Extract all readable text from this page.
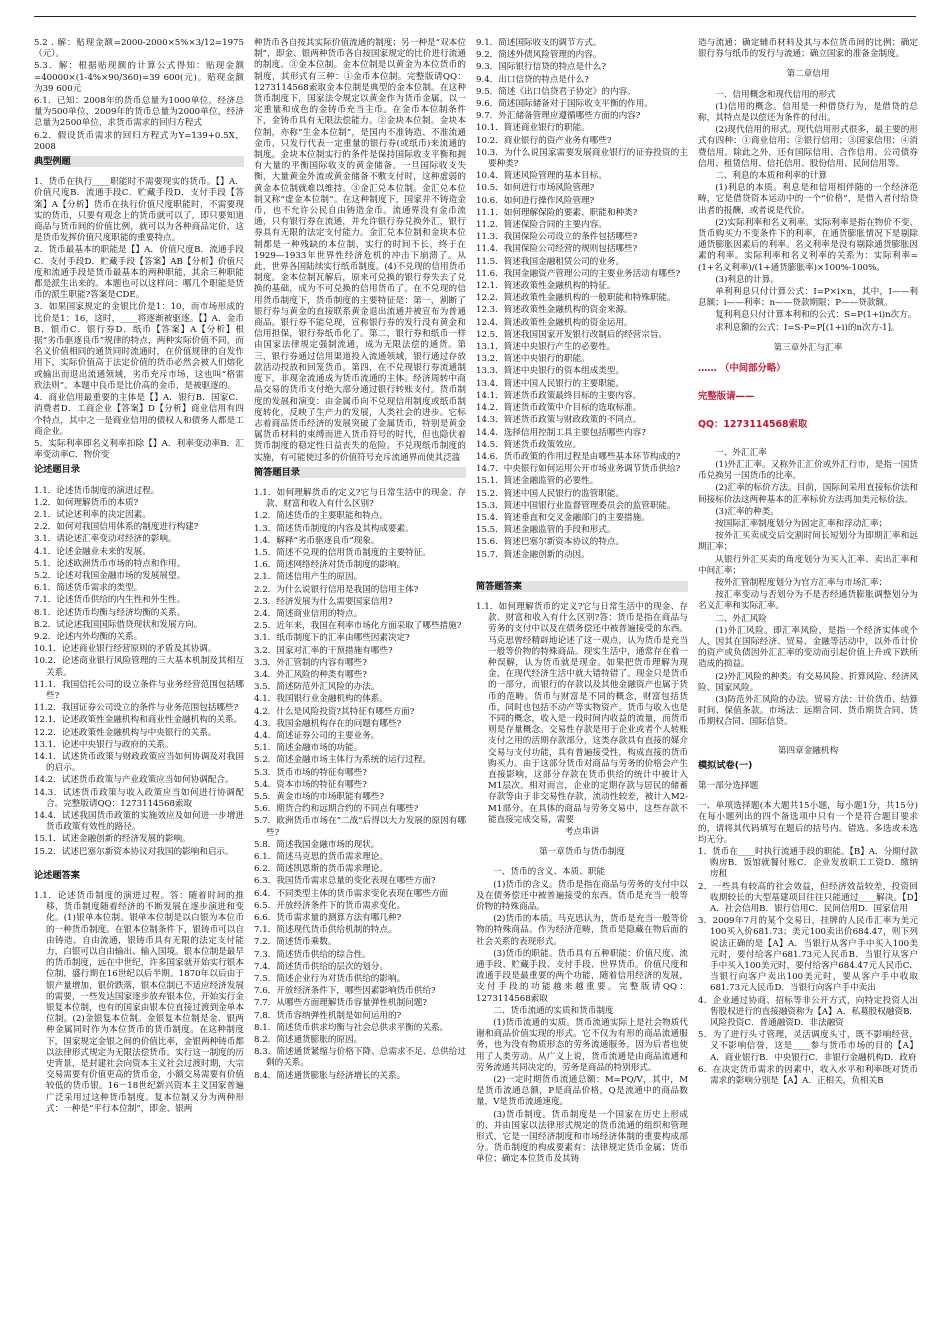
5.2 . 解：贴现金额=2000-2000×5%×3/12=1975（元）。

5.3．解：根据贴现额的计算公式得知：贴现金额=40000×(1-4%×90/360)=39 600(元)。贴现金额为39 600元

6.1．已知：2008年的货币总量为1000单位，经济总量为500单位，2009年的货币总量为2000单位，经济总量为2500单位，求货币需求的回归方程式

6.2．假设货币需求的回归方程式为Y=139+0.5X，2008

典型例题

1．货币在执行____职能时不需要现实的货币。【】A．价值尺度B．流通手段C．贮藏手段D．支付手段【答案】A【分析】货币在执行价值尺度职能时，不需要现实的货币，只要有观念上的货币就可以了，即只要知道商品与货币间的价值比例，就可以为各种商品定价，这是货币发挥价值尺度职能的重要特点。

2．货币最基本的职能是【】A．价值尺度B．流通手段C．支付手段D．贮藏手段【答案】AB【分析】价值尺度和流通手段是货币最基本的两种职能，其余三种职能都是派生出来的。本题也可以这样问：哪几个职能是货币的派生职能?答案是CDE。

3．如果国家规定的金银比价是1：10，而市场形成的比价是1：16，这时，____将逐渐被驱逐。【】A．金币B．银币C．银行券D．纸币【答案】A【分析】根据“劣币驱逐良币”规律的特点，两种实际价值不同，而名义价值相同的通货同时流通时，在价值规律的自发作用下，实际价值高于法定价值的货币必然会被人们熔化或输出而退出流通领域，劣币充斥市场，这也叫“格雷欣法则”。本题中良币是比价高的金币，是被驱逐的。

4．商业信用最重要的主体是【】A．银行B．国家C．消费者D．工商企业【答案】D【分析】商业信用有四个特点，其中之一是商业信用的债权人和债务人都是工商企业。

5．实际利率即名义利率扣除【】A．利率变动率B．汇率变动率C．物价变

论述题目录

1.1．论述货币制度的演进过程。

1.2．如何理解货币的本质?

2.1．试论述利率的决定因素。

2.2．如何对我国信用体系的制度进行构建?

3.1．请论述汇率变动对经济的影响。

4.1．论述金融业未来的发展。

5.1．论述欧洲货币市场的特点和作用。

5.2．论述对我国金融市场的发展展望。

6.1．简述货币需求的类型。

7.1．论述货币供给的内生性和外生性。

8.1．论述货币均衡与经济均衡的关系。

8.2．试论述我国国际借贷现状和发展方向。

9.2．论述内外均衡的关系。

10.1．论述商业银行经营原则的矛盾及其协调。

10.2．论述商业银行风险管理的三大基本机制及其相互关系。

11.1．我国信托公司的设立条件与业务经营范围包括哪些?

11.2．我国证券公司设立的条件与业务范围包括哪些?

12.1．论述政策性金融机构和商业性金融机构的关系。

12.2．论述政策性金融机构与中央银行的关系。

13.1．论述中央银行与政府的关系。

14.1．试述货币政策与财政政策应当如何协调及对我国的启示。

14.2．试述货币政策与产业政策应当如何协调配合。

14.3．试述货币政策与收入政策应当如何进行协调配合。完整版请QQ：1273114568索取

14.4．试述我国货币政策的实施效应及如何进一步增进货币政策有效性的路径。

15.1．试述金融创新的经济发展的影响。

15.2．试述巴塞尔新资本协议对我国的影响和启示。

论述题答案

1.1．论述货币制度的演进过程。答：随着时间的推移，货币制度随着经济的不断发展在逐步演进和变化。(1)银单本位制。银单本位制是以白银为本位币的一种货币制度。在银本位制条件下，银铸币可以自由铸造、自由流通，银铸币具有无限的法定支付能力，白银可以自由输出、输入国境。银本位制是最早的货币制度，远在中世纪，许多国家就开始实行银本位制，盛行期在16世纪以后半期。1870年以后由于银产量增加，银价跌落，银本位制已不适应经济发展的需要，一些发达国家逐步放弃银本位，开始实行金银复本位制，也有的国家由银本位直接过渡到金单本位制。(2)金银复本位制。金银复本位制是金、银两种金属同时作为本位货币的货币制度。在这种制度下，国家规定金银之间的价值比率，金银两种铸币都以法律形式规定为无限法偿货币。实行这一制度的历史背景，是封建社会向资本主义社会过渡时期，大宗交易需要有价值更高的货币金，小额交易需要有价值较低的货币银。16－18世纪新兴资本主义国家普遍广泛采用过这种货币制度。复本位制又分为两种形式：一种是“平行本位制”，即金、银两

种货币各自按其实际价值流通的制度；另一种是“双本位制”，即金、银两种货币各自按国家规定的比价进行流通的制度。③金本位制。金本位制是以黄金为本位货币的制度，其形式有三种：①金币本位制。完整版请QQ：1273114568索取金本位制是典型的金本位制。在这种货币制度下，国家法令规定以黄金作为货币金属，以一定重量和成色的金铸币充当主币。在金币本位制条件下，金铸币具有无限法偿能力。②金块本位制。金块本位制，亦称“生金本位制”，是国内不准铸造、不准流通金币，只发行代表一定重量的银行券(或纸币)来流通的制度。金块本位制实行的条件是保持国际收支平衡和拥有大量的平衡国际收支的黄金储备。一旦国际收支失衡，大量黄金外流或黄金储备不敷支付时，这种虚弱的黄金本位制就难以维持。③金汇兑本位制。金汇兑本位制又称“虚金本位制”。在这种制度下，国家并不铸造金币，也不允许公民自由铸造金币。流通界没有金币流通，只有银行券在流通，并允许银行券兑换外汇，银行券具有无限的法定支付能力。金汇兑本位制和金块本位制都是一种残缺的本位制，实行的时间不长，终于在1929—1933年世界性经济危机的冲击下崩溃了。从此，世界各国陆续实行纸币制度。(4)不兑现的信用货币制度。金本位制瓦解后，原来可兑换的银行券失去了兑换的基础，成为不可兑换的信用货币了。在不兑现的信用货币制度下，货币制度的主要特征是：第一，割断了银行券与黄金的直接联系黄金退出流通并被宣布为普通商品。银行券不能兑现，宣称银行券的发行没有黄金和信用担保，银行券纸币化了。第二，银行券和纸币一样由国家法律规定强制流通，成为无限法偿的通货。第三，银行券通过信用渠道投入流通领域，银行通过存放款活动投放和回笼货币。第四，在不兑现银行券流通制度下，非现金流通成为货币流通的主体。经济周转中商品交易的货币支付绝大部分通过银行转账支付。货币制度的发展和演变：由金属币向不兑现信用制度或纸币制度转化，反映了生产力的发展，人类社会的进步。它标志着商品货币经济的发展突破了金属货币，特别是黄金属货币材料的束缚而进入货币符号的时代，但也隐伏着货币制度的稳定性日益丧失的危险。不兑现纸币制度的实施，有可能使过多的价值符号充斥流通界而使其泛滥

简答题目录

1.1．如何理解货币的定义?它与日常生活中的现金、存款、财富和收入有什么区别?

1.2．简述货币的主要职能和特点。

1.3．简述货币制度的内容及其构成要素。

1.4．解释“劣币驱逐良币”现象。

1.5．简述不兑现的信用货币制度的主要特征。

1.6．简述网络经济对货币制度的影响。

2.1．简述信用产生的原因。

2.2．为什么说银行信用是我国的信用主体?

2.3．经济发展为什么需要国家信用?

2.4．简述商业信用的特点。

2.5．近年来，我国在利率市场化方面采取了哪些措施?

3.1．纸币制度下的汇率由哪些因素决定?

3.2．国家对汇率的干预措施有哪些?

3.3．外汇管制的内容有哪些?

3.4．外汇风险的种类有哪些?

3.5．简述防范外汇风险的办法。

4.1．我国银行业金融机构的体系。

4.2．什么是风险投资?其特征有哪些方面?

4.3．我国金融机构存在的问题有哪些?

4.4．简述证券公司的主要业务。

5.1．简述金融市场的功能。

5.2．简述金融市场主体行为系统的运行过程。

5.3．货币市场的特征有哪些?

5.4．资本市场的特征有哪些?

5.5．黄金市场的市场职能有哪些?

5.6．期货合约和远期合约的不同点有哪些?

5.7．欧洲货币市场在“二战”后得以大力发展的原因有哪些?

5.8．简述我国金融市场的现状。

6.1．简述马克思的货币需求理论。

6.2．简述凯恩斯的货币需求理论。

6.3．我国货币需求总量的变化表现在哪些方面?

6.4．不同类型主体的货币需求变化表现在哪些方面

6.5．开放经济条件下的货币需求变化。

6.6．货币需求量的测算方法有哪几种?

7.1．简述现代货币供给机制的特点。

7.2．简述货币乘数。

7.3．简述货币供给的综合性。

7.4．简述货币供给的层次的划分。

7.5．简述企业行为对货币供给的影响。

7.6．开放经济条件下，哪些因素影响货币供给?

7.7．从哪些方面理解货币容量弹性机制问题?

7.8．货币容纳弹性机制是如何运用的?

8.1．简述货币供求均衡与社会总供求平衡的关系。

8.2．简述通货膨胀的原因。

8.3．简述通货紧缩与价格下降、总需求不足、总供给过剩的关系。

8.4．简述通货膨胀与经济增长的关系。

9.1．简述国际收支的调节方式。

9.2．简述外债风险管理的内容。

9.3．国际银行信贷的特点是什么?

9.4．出口信贷的特点是什么?

9.5．简述《出口信贷君子协定》的内容。

9.6．简述国际储备对于国际收支平衡的作用。

9.7．外汇储备管理应遵循哪些方面的内容?

10.1．简述商业银行的职能。

10.2．商业银行的资产业务有哪些?

10.3．为什么说国家需要发展商业银行的证券投资的主要种类?

10.4．简述风险管理的基本目标。

10.5．如何进行市场风险管理?

10.6．如何进行操作风险管理?

11.1．如何理解保险的要素、职能和种类?

11.2．简述保险合同的主要内容。

11.3．我国保险公司设立的条件包括哪些?

11.4．我国保险公司经营的规则包括哪些?

11.5．简述我国金融租赁公司的业务。

11.6．我国金融资产管理公司的主要业务活动有哪些?

12.1．简述政策性金融机构的特征。

12.2．简述政策性金融机构的一般职能和特殊职能。

12.3．简述政策性金融机构的资金来源。

12.4．简述政策性金融机构的资金运用。

12.5．简述我国国家开发银行改制后的经营宗旨。

13.1．简述中央银行产生的必要性。

13.2．简述中央银行的职能。

13.3．简述中央银行的资本组成类型。

13.4．简述中国人民银行的主要职能。

14.1．简述货币政策最终目标的主要内容。

14.2．简述货币政策中介目标的选取标准。

14.3．简述货币政策与财政政策的不同点。

14.4．选择信用控制工具主要包括哪些内容?

14.5．简述货币政策效应。

14.6．货币政策的作用过程是由哪些基本环节构成的?

14.7．中央银行如何运用公开市场业务调节货币供给?

15.1．简述金融监管的必要性。

15.2．简述中国人民银行的监管职能。

15.3．简述中国银行业监督管理委员会的监管职能。

15.4．简述垂直和交叉金融部门的主要措施。

15.5．简述金融监管的手段和形式。

15.6．简述巴塞尔新资本协议的特点。

15.7．简述金融创新的动因。

简答题答案

1.1．如何理解货币的定义?它与日常生活中的现金、存款、财富和收入有什么区别?答：货币是指在商品与劳务的支付中以及在债务偿还中被普遍接受的东西。马克思曾经精辟地论述了这一观点，认为货币是充当一般等价物的特殊商品。现实生活中，通常存在着一种误解，认为货币就是现金。如果把货币理解为现金，在现代经济生活中就大错特错了。现金只是货币的一部分，而银行的存款以及其他金融资产也属于货币的范畴。货币与财富是不同的概念，财富包括货币，同时也包括不动产等实物资产。货币与收入也是不同的概念，收入是一段时间内收益的流量，而货币则是存量概念。交易性存款是用于企业或者个人转账支付之用的活期存款部分，这类存款具有直接的媒介交易与支付功能，具有普遍接受性，构成直接的货币购买力。由于这部分货币对商品与劳务的价格会产生直接影响，这部分存款在货币供给的统计中被计入M1层次。相对而言，企业的定期存款与居民的储蓄存款等由于非交易性存款，流动性较差，被计入M2-M1部分。在具体的商品与劳务交易中，这些存款不能直接完成交易，需要

考点串讲

第一章货币与货币制度

一、货币的含义、本质、职能

(1)货币的含义。货币是指在商品与劳务的支付中以及在债务偿还中被普遍接受的东西。货币是充当一般等价物的特殊商品。

(2)货币的本质。马克思认为，货币是充当一般等价物的特殊商品。作为经济范畴，货币是隐藏在物后面的社会关系的表现形式。

(3)货币的职能。货币具有五种职能：价值尺度、流通手段、贮藏手段、支付手段、世界货币。价值尺度和流通手段是最重要的两个功能，随着信用经济的发展，支付手段的功能越来越重要。完整版请QQ：1273114568索取

二、货币流通的实质和货币制度

(1)货币流通的实质。货币流通实际上是社会物质代谢和商品价值实现的形式。它不仅为有形的商品流通服务，也为没有物质形态的劳务流通服务，因为后者也使用了人类劳动。从广义上说，货币流通是由商品流通和劳务流通共同决定的，劳务是商品的特别形式。

(2)一定时期货币流通总额：M=PQ/V，其中，M是货币流通总额，P是商品价格，Q是流通中的商品数量，V是货币流通速度。

(3)货币制度。货币制度是一个国家在历史上形成的、并由国家以法律形式规定的货币流通的组织和管理形式，它是一国经济制度和市场经济体制的重要构成部分。货币制度的构成要素有：法律规定货币金属；货币单位；确定本位货币及其铸

造与流通；确定辅币材料及其与本位货币间的比例；确定银行券与纸币的发行与流通；确立国家的准备金制度。

第二章信用

一、信用概念和现代信用的形式

(1)信用的概念。信用是一种借贷行为，是借贷的总称，其特点是以偿还为条件的付出。

(2)现代信用的形式。现代信用形式很多，最主要的形式有四种：①商业信用；②银行信用；③国家信用；④消费信用。除此之外，还有国际信用、合作信用、公司债券信用、租赁信用、信托信用、股份信用、民间信用等。

二、利息的本质和利率的计算

(1)利息的本质。利息是和信用相伴随的一个经济范畴，它是借贷资本运动中的一个“价格”，是借入者付给贷出者的报酬，或者说是代价。

(2)实际利率和名义利率。实际利率是指在物价不变、货币购买力不变条件下的利率，在通货膨胀情况下是剔除通货膨胀因素后的利率。名义利率是没有剔除通货膨胀因素的利率。实际利率和名义利率的关系为：实际利率=(1+名义利率)/(1+通货膨胀率)×100%-100%。

(3)利息的计算。

单利利息只付计算公式：I=P×i×n，其中，I——利息额；i——利率；n——贷款期限；P——贷款额。

复利利息只付计算本利和的公式：S=P(1+i)n次方。

求利息额的公式：I=S-P=P[(1+i)的n次方-1]。

第三章外汇与汇率

…… （中间部分略）

完整版请——

QQ：1273114568索取

一、外汇汇率

(1)外汇汇率。又称外汇汇价或外汇行市，是指一国货币兑换另一国货币的比率。

(2)汇率的标价方法。目前，国际间采用直接标价法和间接标价法这两种基本的汇率标价方法再加美元标价法。

(3)汇率的种类。

按国际汇率制度划分为固定汇率和浮动汇率；

按外汇买卖成交后交割时间长短划分为即期汇率和远期汇率；

从银行外汇买卖的角度划分为买入汇率、卖出汇率和中间汇率；

按外汇管制程度划分为官方汇率与市场汇率；

按汇率变动与否划分为不是否经通货膨胀调整划分为名义汇率和实际汇率。

二、外汇风险

(1)外汇风险。即汇率风险，是指一个经济实体或个人，因其在国际经济、贸易、金融等活动中，以外币计价的资产或负债因外汇汇率的变动而引起价值上升或下跌所造成的损益。

(2)外汇风险的种类。有交易风险、折算风险、经济风险、国家风险。

(3)防范外汇风险的办法。贸易方法：计价货币、结算时间、保值条款。市场法：远期合同、货币期货合同、货币期权合同、国际信贷。

第四章金融机构

模拟试卷(一)

第一部分选择题

一、单项选择题(本大题共15小题，每小题1分，共15分)在每小题列出的四个备选项中只有一个是符合题目要求的，请将其代码填写在题后的括号内。错选、多选或未选均无分。

1．货币在____时执行流通手段的职能。【B】A．分期付款购房B．饭馆就餐付账C．企业发放职工工资D．缴纳房租

2．一些具有较高的社会效益，但经济效益较差，投资回收期较长的大型基建项目往往只能通过____解决。【D】A．社会信用B．银行信用C．民间信用D．国家信用

3．2009年7月的某个交易日，挂牌的人民币汇率为美元100买入价681.73；美元100卖出价684.47，则下列说法正确的是【A】A．当银行从客户手中买入100美元时，要付给客户681.73元人民币B．当银行从客户手中买入100美元时，要付给客户684.47元人民币C．当银行向客户卖出100美元时，要从客户手中收取681.73元人民币D．当银行向客户手中卖出

4．企业通过协商、招标等非公开方式，向特定投资人出售股权进行的直接融资称为【A】A．私募股权融资B．风险投资C．普通融资D．非法融资

5．为了进行头寸管理，灵活调度头寸，既不影响经营，又不影响信誉，这是____参与货币市场的目的【A】A．商业银行B．中央银行C．非银行金融机构D．政府

6．在决定货币需求的因素中，收入水平和利率既对货币需求的影响分别是【A】A．正相关，负相关B
